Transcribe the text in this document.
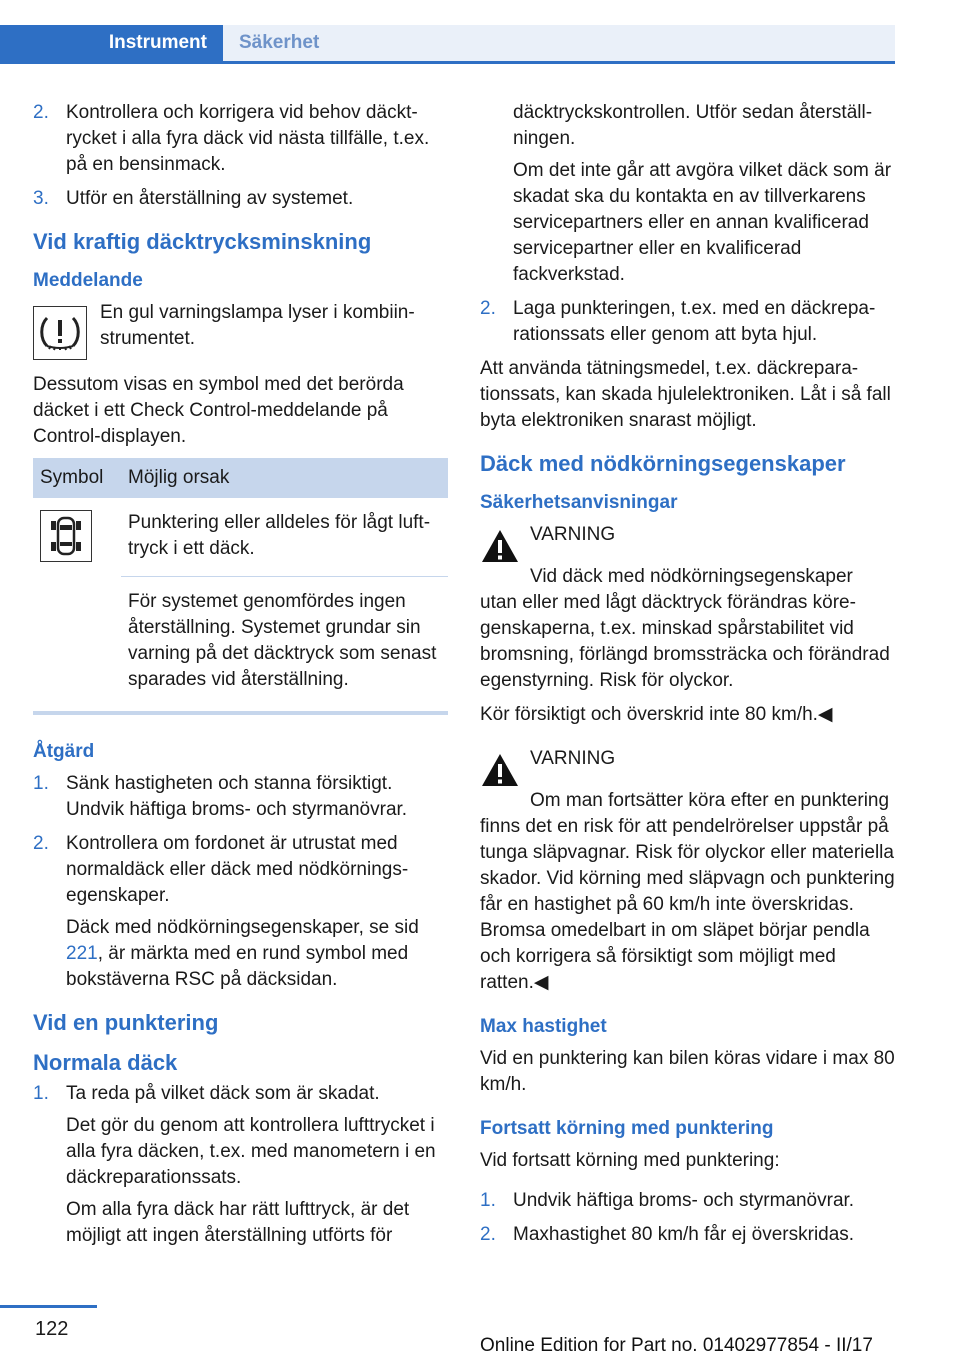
Instrument	Säkerhet
2. Kontrollera och korrigera vid behov däcktrycket i alla fyra däck vid nästa tillfälle, t.ex. på en bensinmack.

3. Utför en återställning av systemet.

Vid kraftig däcktrycksminskning
Meddelande
En gul varningslampa lyser i kombiinstrumentet.

Dessutom visas en symbol med det berörda däcket i ett Check Control-meddelande på Control-displayen.

Symbol	Möjlig orsak

	Punktering eller alldeles för lågt lufttryck i ett däck.
	För systemet genomfördes ingen återställning. Systemet grundar sin varning på det däcktryck som senast sparades vid återställning.
Åtgärd
1. Sänk hastigheten och stanna försiktigt. Undvik häftiga broms- och styrmanövrar.

2. Kontrollera om fordonet är utrustat med normaldäck eller däck med nödkörningsegenskaper.

Däck med nödkörningsegenskaper, se sid 221, är märkta med en rund symbol med bokstäverna RSC på däcksidan.

Vid en punktering
Normala däck
1. Ta reda på vilket däck som är skadat.

Det gör du genom att kontrollera lufttrycket i alla fyra däcken, t.ex. med manometern i en däckreparationssats.

Om alla fyra däck har rätt lufttryck, är det möjligt att ingen återställning utförts för

däcktryckskontrollen. Utför sedan återställningen.

Om det inte går att avgöra vilket däck som är skadat ska du kontakta en av tillverkarens servicepartners eller en annan kvalificerad servicepartner eller en kvalificerad fackverkstad.

2. Laga punkteringen, t.ex. med en däckreparationssats eller genom att byta hjul.

Att använda tätningsmedel, t.ex. däckreparationssats, kan skada hjulelektroniken. Låt i så fall byta elektroniken snarast möjligt.

Däck med nödkörningsegenskaper
Säkerhetsanvisningar
VARNING

Vid däck med nödkörningsegenskaper utan eller med lågt däcktryck förändras köregenskaperna, t.ex. minskad spårstabilitet vid bromsning, förlängd bromssträcka och förändrad egenstyrning. Risk för olyckor.

Kör försiktigt och överskrid inte 80 km/h.◀

VARNING

Om man fortsätter köra efter en punktering finns det en risk för att pendelrörelser uppstår på tunga släpvagnar. Risk för olyckor eller materiella skador. Vid körning med släpvagn och punktering får en hastighet på 60 km/h inte överskridas. Bromsa omedelbart in om släpet börjar pendla och korrigera så försiktigt som möjligt med ratten.◀

Max hastighet

Vid en punktering kan bilen köras vidare i max 80 km/h.

Fortsatt körning med punktering

Vid fortsatt körning med punktering:

1. Undvik häftiga broms- och styrmanövrar.

2. Maxhastighet 80 km/h får ej överskridas.

122
Online Edition for Part no. 01402977854 - II/17
